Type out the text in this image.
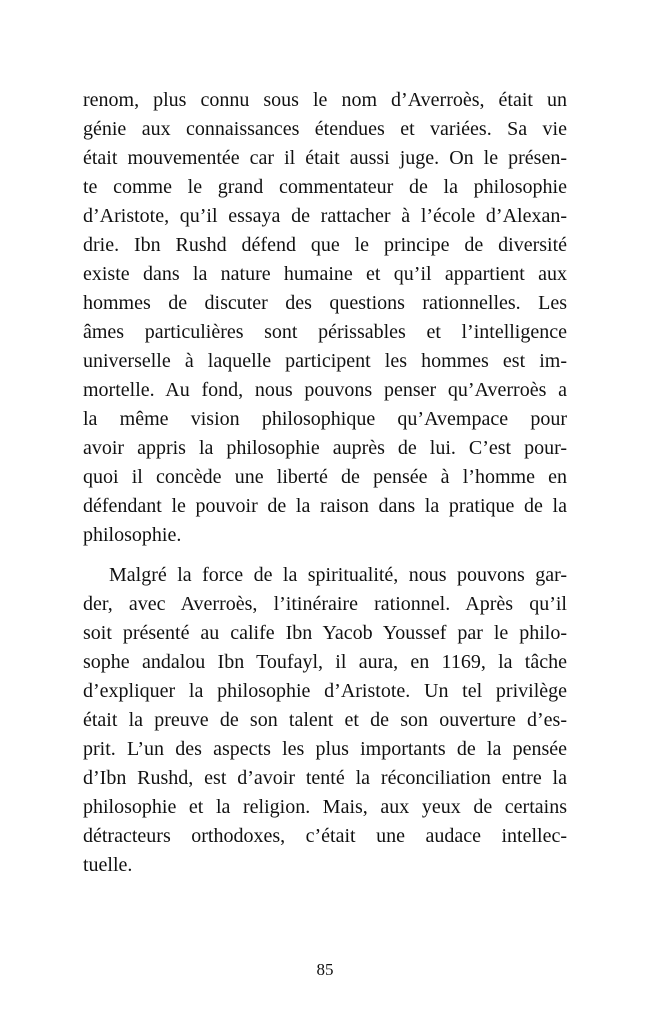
renom, plus connu sous le nom d’Averroès, était un
génie aux connaissances étendues et variées. Sa vie
était mouvementée car il était aussi juge. On le présen-
te comme le grand commentateur de la philosophie
d’Aristote, qu’il essaya de rattacher à l’école d’Alexan-
drie. Ibn Rushd défend que le principe de diversité
existe dans la nature humaine et qu’il appartient aux
hommes de discuter des questions rationnelles. Les
âmes particulières sont périssables et l’intelligence
universelle à laquelle participent les hommes est im-
mortelle. Au fond, nous pouvons penser qu’Averroès a
la même vision philosophique qu’Avempace pour
avoir appris la philosophie auprès de lui. C’est pour-
quoi il concède une liberté de pensée à l’homme en
défendant le pouvoir de la raison dans la pratique de la
philosophie.
Malgré la force de la spiritualité, nous pouvons gar-
der, avec Averroès, l’itinéraire rationnel. Après qu’il
soit présenté au calife Ibn Yacob Youssef par le philo-
sophe andalou Ibn Toufayl, il aura, en 1169, la tâche
d’expliquer la philosophie d’Aristote. Un tel privilège
était la preuve de son talent et de son ouverture d’es-
prit. L’un des aspects les plus importants de la pensée
d’Ibn Rushd, est d’avoir tenté la réconciliation entre la
philosophie et la religion. Mais, aux yeux de certains
détracteurs orthodoxes, c’était une audace intellec-
tuelle.
85
